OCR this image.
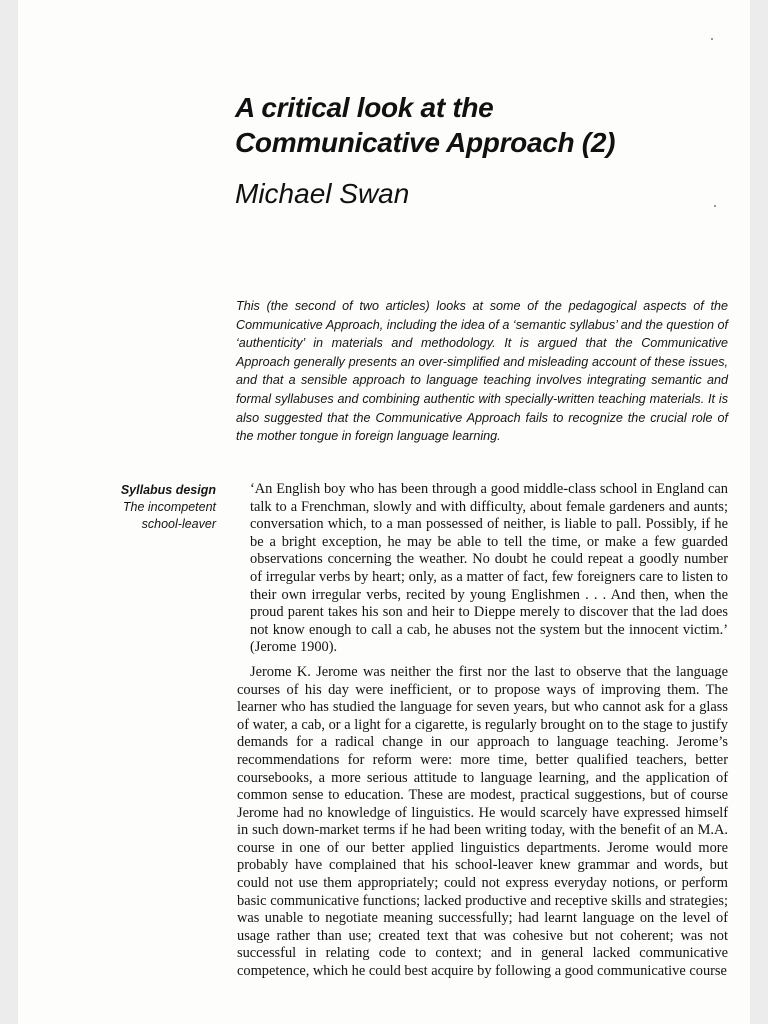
A critical look at the
Communicative Approach (2)
Michael Swan

This (the second of two articles) looks at some of the pedagogical aspects of the Communicative Approach, including the idea of a ‘semantic syllabus’ and the question of ‘authenticity’ in materials and methodology. It is argued that the Communicative Approach generally presents an over-simplified and misleading account of these issues, and that a sensible approach to language teaching involves integrating semantic and formal syllabuses and combining authentic with specially-written teaching materials. It is also suggested that the Communicative Approach fails to recognize the crucial role of the mother tongue in foreign language learning.

Syllabus design
The incompetent
school-leaver

‘An English boy who has been through a good middle-class school in England can talk to a Frenchman, slowly and with difficulty, about female gardeners and aunts; conversation which, to a man possessed of neither, is liable to pall. Possibly, if he be a bright exception, he may be able to tell the time, or make a few guarded observations concerning the weather. No doubt he could repeat a goodly number of irregular verbs by heart; only, as a matter of fact, few foreigners care to listen to their own irregular verbs, recited by young Englishmen . . . And then, when the proud parent takes his son and heir to Dieppe merely to discover that the lad does not know enough to call a cab, he abuses not the system but the innocent victim.’ (Jerome 1900).

Jerome K. Jerome was neither the first nor the last to observe that the language courses of his day were inefficient, or to propose ways of improving them. The learner who has studied the language for seven years, but who cannot ask for a glass of water, a cab, or a light for a cigarette, is regularly brought on to the stage to justify demands for a radical change in our approach to language teaching. Jerome’s recommendations for reform were: more time, better qualified teachers, better coursebooks, a more serious attitude to language learning, and the application of common sense to education. These are modest, practical suggestions, but of course Jerome had no knowledge of linguistics. He would scarcely have expressed himself in such down-market terms if he had been writing today, with the benefit of an M.A. course in one of our better applied linguistics departments. Jerome would more probably have complained that his school-leaver knew grammar and words, but could not use them appropriately; could not express everyday notions, or perform basic communicative functions; lacked productive and receptive skills and strategies; was unable to negotiate meaning successfully; had learnt language on the level of usage rather than use; created text that was cohesive but not coherent; was not successful in relating code to context; and in general lacked communicative competence, which he could best acquire by following a good communicative course
